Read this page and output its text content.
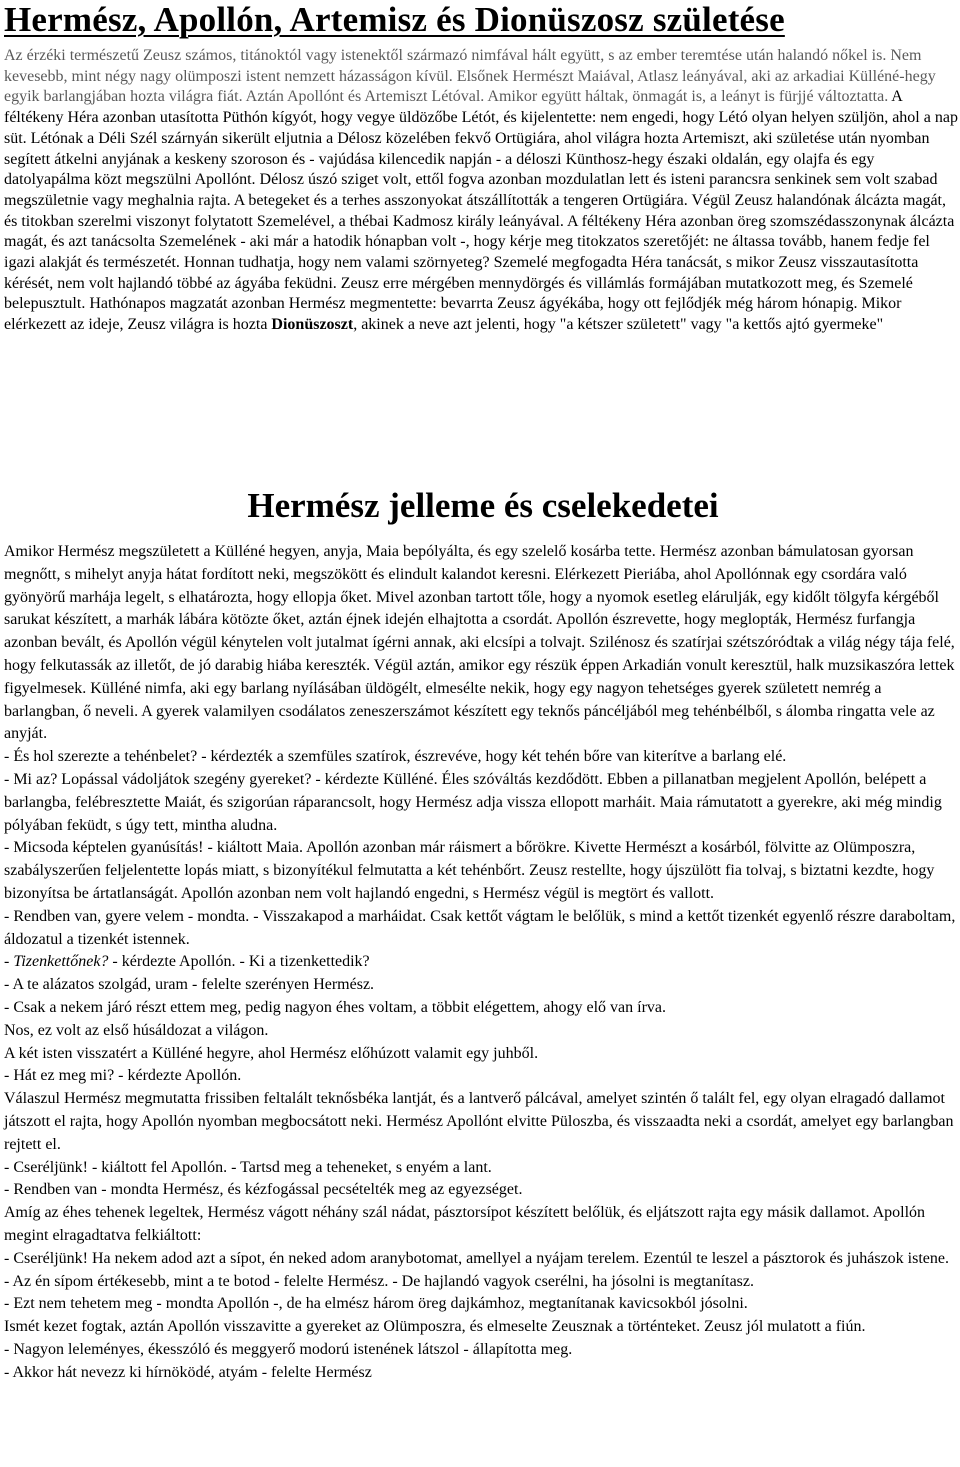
Hermész, Apollón, Artemisz és Dionüszosz születése

Az érzéki természetű Zeusz számos, titánoktól vagy istenektől származó nimfával hált együtt, s az ember teremtése után halandó nőkel is. Nem kevesebb, mint négy nagy olümposzi istent nemzett házasságon kívül. Elsőnek Hermészt Maiával, Atlasz leányával, aki az arkadiai Külléné-hegy egyik barlangjában hozta világra fiát. Aztán Apollónt és Artemiszt Létóval. Amikor együtt háltak, önmagát is, a leányt is fürjjé változtatta. A féltékeny Héra azonban utasította Püthón kígyót, hogy vegye üldözőbe Létót, és kijelentette: nem engedi, hogy Létó olyan helyen szüljön, ahol a nap süt. Létónak a Déli Szél szárnyán sikerült eljutnia a Délosz közelében fekvő Ortügiára, ahol világra hozta Artemiszt, aki születése után nyomban segített átkelni anyjának a keskeny szoroson és - vajúdása kilencedik napján - a déloszi Künthosz-hegy északi oldalán, egy olajfa és egy datolyapálma közt megszülni Apollónt. Délosz úszó sziget volt, ettől fogva azonban mozdulatlan lett és isteni parancsra senkinek sem volt szabad megszületnie vagy meghalnia rajta. A betegeket és a terhes asszonyokat átszállították a tengeren Ortügiára. Végül Zeusz halandónak álcázta magát, és titokban szerelmi viszonyt folytatott Szemelével, a thébai Kadmosz király leányával. A féltékeny Héra azonban öreg szomszédasszonynak álcázta magát, és azt tanácsolta Szemelének - aki már a hatodik hónapban volt -, hogy kérje meg titokzatos szeretőjét: ne áltassa tovább, hanem fedje fel igazi alakját és természetét. Honnan tudhatja, hogy nem valami szörnyeteg? Szemelé megfogadta Héra tanácsát, s mikor Zeusz visszautasította kérését, nem volt hajlandó többé az ágyába feküdni. Zeusz erre mérgében mennydörgés és villámlás formájában mutatkozott meg, és Szemelé belepusztult. Hathónapos magzatát azonban Hermész megmentette: bevarrta Zeusz ágyékába, hogy ott fejlődjék még három hónapig. Mikor elérkezett az ideje, Zeusz világra is hozta Dionüszoszt, akinek a neve azt jelenti, hogy "a kétszer született" vagy "a kettős ajtó gyermeke"

Hermész jelleme és cselekedetei

Amikor Hermész megszületett a Külléné hegyen, anyja, Maia bepólyálta, és egy szelelő kosárba tette. Hermész azonban bámulatosan gyorsan megnőtt, s mihelyt anyja hátat fordított neki, megszökött és elindult kalandot keresni. Elérkezett Pieriába, ahol Apollónnak egy csordára való gyönyörű marhája legelt, s elhatározta, hogy ellopja őket. Mivel azonban tartott tőle, hogy a nyomok esetleg elárulják, egy kidőlt tölgyfa kérgéből sarukat készített, a marhák lábára kötözte őket, aztán éjnek idején elhajtotta a csordát. Apollón észrevette, hogy meglopták, Hermész furfangja azonban bevált, és Apollón végül kénytelen volt jutalmat ígérni annak, aki elcsípi a tolvajt. Szilénosz és szatírjai szétszóródtak a világ négy tája felé, hogy felkutassák az illetőt, de jó darabig hiába kereszték. Végül aztán, amikor egy részük éppen Arkadián vonult keresztül, halk muzsikaszóra lettek figyelmesek. Külléné nimfa, aki egy barlang nyílásában üldögélt, elmesélte nekik, hogy egy nagyon tehetséges gyerek született nemrég a barlangban, ő neveli. A gyerek valamilyen csodálatos zeneszerszámot készített egy teknős páncéljából meg tehénbélből, s álomba ringatta vele az anyját.

- És hol szerezte a tehénbelet? - kérdezték a szemfüles szatírok, észrevéve, hogy két tehén bőre van kiterítve a barlang elé.

- Mi az? Lopással vádoljátok szegény gyereket? - kérdezte Külléné. Éles szóváltás kezdődött. Ebben a pillanatban megjelent Apollón, belépett a barlangba, felébresztette Maiát, és szigorúan ráparancsolt, hogy Hermész adja vissza ellopott marháit. Maia rámutatott a gyerekre, aki még mindig pólyában feküdt, s úgy tett, mintha aludna.

- Micsoda képtelen gyanúsítás! - kiáltott Maia. Apollón azonban már ráismert a bőrökre. Kivette Hermészt a kosárból, fölvitte az Olümposzra, szabályszerűen feljelentette lopás miatt, s bizonyítékul felmutatta a két tehénbőrt. Zeusz restellte, hogy újszülött fia tolvaj, s biztatni kezdte, hogy bizonyítsa be ártatlanságát. Apollón azonban nem volt hajlandó engedni, s Hermész végül is megtört és vallott.

- Rendben van, gyere velem - mondta. - Visszakapod a marháidat. Csak kettőt vágtam le belőlük, s mind a kettőt tizenkét egyenlő részre daraboltam, áldozatul a tizenkét istennek.

- Tizenkettőnek? - kérdezte Apollón. - Ki a tizenkettedik?

- A te alázatos szolgád, uram - felelte szerényen Hermész.

- Csak a nekem járó részt ettem meg, pedig nagyon éhes voltam, a többit elégettem, ahogy elő van írva.

Nos, ez volt az első húsáldozat a világon.

A két isten visszatért a Külléné hegyre, ahol Hermész előhúzott valamit egy juhből.

- Hát ez meg mi? - kérdezte Apollón.

Válaszul Hermész megmutatta frissiben feltalált teknősbéka lantját, és a lantverő pálcával, amelyet szintén ő talált fel, egy olyan elragadó dallamot játszott el rajta, hogy Apollón nyomban megbocsátott neki. Hermész Apollónt elvitte Püloszba, és visszaadta neki a csordát, amelyet egy barlangban rejtett el.

- Cseréljünk! - kiáltott fel Apollón. - Tartsd meg a teheneket, s enyém a lant.

- Rendben van - mondta Hermész, és kézfogással pecsételték meg az egyezséget.

Amíg az éhes tehenek legeltek, Hermész vágott néhány szál nádat, pásztorsípot készített belőlük, és eljátszott rajta egy másik dallamot. Apollón megint elragadtatva felkiáltott:

- Cseréljünk! Ha nekem adod azt a sípot, én neked adom aranybotomat, amellyel a nyájam terelem. Ezentúl te leszel a pásztorok és juhászok istene.

- Az én sípom értékesebb, mint a te botod - felelte Hermész. - De hajlandó vagyok cserélni, ha jósolni is megtanítasz.

- Ezt nem tehetem meg - mondta Apollón -, de ha elmész három öreg dajkámhoz, megtanítanak kavicsokból jósolni.

Ismét kezet fogtak, aztán Apollón visszavitte a gyereket az Olümposzra, és elmeselte Zeusznak a történteket. Zeusz jól mulatott a fiún.

- Nagyon leleményes, ékesszóló és meggyerő modorú istenének látszol - állapította meg.

- Akkor hát nevezz ki hírnöködé, atyám - felelte Hermész
